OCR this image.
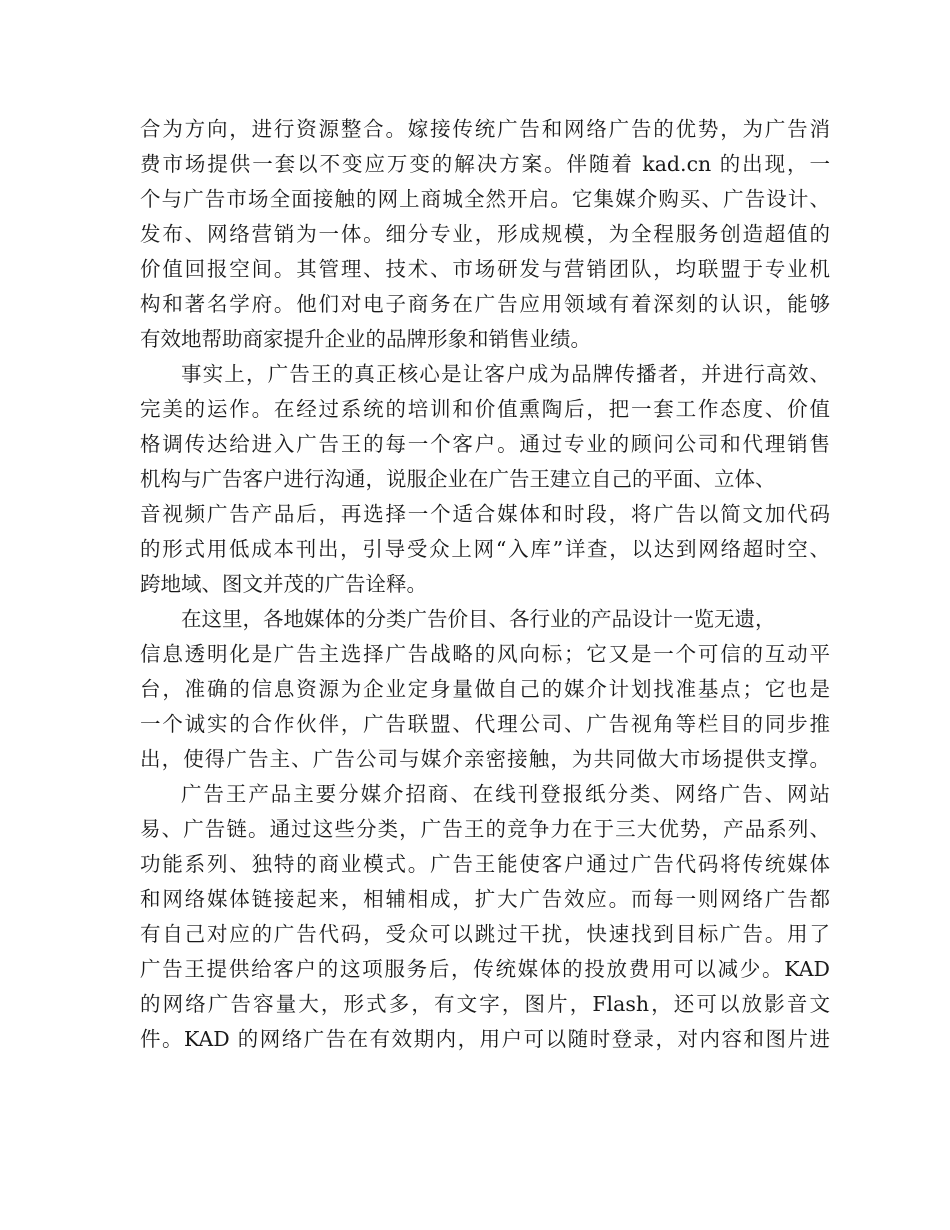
合为方向，进行资源整合。嫁接传统广告和网络广告的优势，为广告消
费市场提供一套以不变应万变的解决方案。伴随着 kad.cn 的出现，一
个与广告市场全面接触的网上商城全然开启。它集媒介购买、广告设计、
发布、网络营销为一体。细分专业，形成规模，为全程服务创造超值的
价值回报空间。其管理、技术、市场研发与营销团队，均联盟于专业机
构和著名学府。他们对电子商务在广告应用领域有着深刻的认识，能够
有效地帮助商家提升企业的品牌形象和销售业绩。
事实上，广告王的真正核心是让客户成为品牌传播者，并进行高效、
完美的运作。在经过系统的培训和价值熏陶后，把一套工作态度、价值
格调传达给进入广告王的每一个客户。通过专业的顾问公司和代理销售
机构与广告客户进行沟通，说服企业在广告王建立自己的平面、立体、
音视频广告产品后，再选择一个适合媒体和时段，将广告以简文加代码
的形式用低成本刊出，引导受众上网“入库”详查，以达到网络超时空、
跨地域、图文并茂的广告诠释。
在这里，各地媒体的分类广告价目、各行业的产品设计一览无遗，
信息透明化是广告主选择广告战略的风向标；它又是一个可信的互动平
台，准确的信息资源为企业定身量做自己的媒介计划找准基点；它也是
一个诚实的合作伙伴，广告联盟、代理公司、广告视角等栏目的同步推
出，使得广告主、广告公司与媒介亲密接触，为共同做大市场提供支撑。
广告王产品主要分媒介招商、在线刊登报纸分类、网络广告、网站
易、广告链。通过这些分类，广告王的竞争力在于三大优势，产品系列、
功能系列、独特的商业模式。广告王能使客户通过广告代码将传统媒体
和网络媒体链接起来，相辅相成，扩大广告效应。而每一则网络广告都
有自己对应的广告代码，受众可以跳过干扰，快速找到目标广告。用了
广告王提供给客户的这项服务后，传统媒体的投放费用可以减少。KAD
的网络广告容量大，形式多，有文字，图片，Flash，还可以放影音文
件。KAD 的网络广告在有效期内，用户可以随时登录，对内容和图片进
